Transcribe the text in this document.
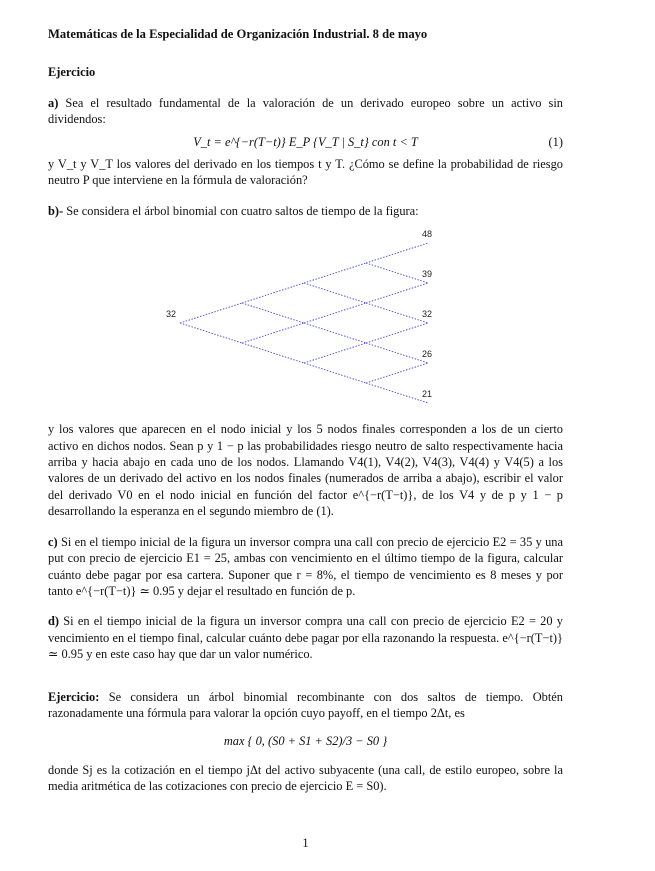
Matemáticas de la Especialidad de Organización Industrial. 8 de mayo
Ejercicio
a) Sea el resultado fundamental de la valoración de un derivado europeo sobre un activo sin dividendos:
V_t = e^{−r(T−t)} E_P {V_T | S_t} con t < T	(1)
y V_t y V_T los valores del derivado en los tiempos t y T. ¿Cómo se define la probabilidad de riesgo neutro P que interviene en la fórmula de valoración?
b)- Se considera el árbol binomial con cuatro saltos de tiempo de la figura:
32
48
39
32
26
21
y los valores que aparecen en el nodo inicial y los 5 nodos finales corresponden a los de un cierto activo en dichos nodos. Sean p y 1 − p las probabilidades riesgo neutro de salto respectivamente hacia arriba y hacia abajo en cada uno de los nodos. Llamando V4(1), V4(2), V4(3), V4(4) y V4(5) a los valores de un derivado del activo en los nodos finales (numerados de arriba a abajo), escribir el valor del derivado V0 en el nodo inicial en función del factor e^{−r(T−t)}, de los V4 y de p y 1 − p desarrollando la esperanza en el segundo miembro de (1).
c) Si en el tiempo inicial de la figura un inversor compra una call con precio de ejercicio E2 = 35 y una put con precio de ejercicio E1 = 25, ambas con vencimiento en el último tiempo de la figura, calcular cuánto debe pagar por esa cartera. Suponer que r = 8%, el tiempo de vencimiento es 8 meses y por tanto e^{−r(T−t)} ≃ 0.95 y dejar el resultado en función de p.
d) Si en el tiempo inicial de la figura un inversor compra una call con precio de ejercicio E2 = 20 y vencimiento en el tiempo final, calcular cuánto debe pagar por ella razonando la respuesta. e^{−r(T−t)} ≃ 0.95 y en este caso hay que dar un valor numérico.
Ejercicio: Se considera un árbol binomial recombinante con dos saltos de tiempo. Obtén razonadamente una fórmula para valorar la opción cuyo payoff, en el tiempo 2Δt, es
max { 0, (S0 + S1 + S2)/3 − S0 }
donde Sj es la cotización en el tiempo jΔt del activo subyacente (una call, de estilo europeo, sobre la media aritmética de las cotizaciones con precio de ejercicio E = S0).
1
